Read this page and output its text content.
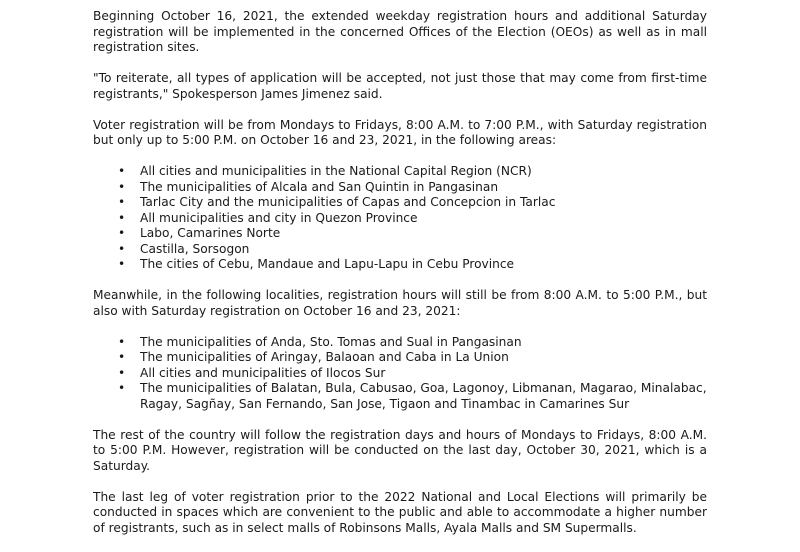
Beginning October 16, 2021, the extended weekday registration hours and additional Saturday registration will be implemented in the concerned Offices of the Election (OEOs) as well as in mall registration sites.

"To reiterate, all types of application will be accepted, not just those that may come from first-time registrants," Spokesperson James Jimenez said.

Voter registration will be from Mondays to Fridays, 8:00 A.M. to 7:00 P.M., with Saturday registration but only up to 5:00 P.M. on October 16 and 23, 2021, in the following areas:

• All cities and municipalities in the National Capital Region (NCR)
• The municipalities of Alcala and San Quintin in Pangasinan
• Tarlac City and the municipalities of Capas and Concepcion in Tarlac
• All municipalities and city in Quezon Province
• Labo, Camarines Norte
• Castilla, Sorsogon
• The cities of Cebu, Mandaue and Lapu-Lapu in Cebu Province

Meanwhile, in the following localities, registration hours will still be from 8:00 A.M. to 5:00 P.M., but also with Saturday registration on October 16 and 23, 2021:

• The municipalities of Anda, Sto. Tomas and Sual in Pangasinan
• The municipalities of Aringay, Balaoan and Caba in La Union
• All cities and municipalities of Ilocos Sur
• The municipalities of Balatan, Bula, Cabusao, Goa, Lagonoy, Libmanan, Magarao, Minalabac, Ragay, Sagñay, San Fernando, San Jose, Tigaon and Tinambac in Camarines Sur

The rest of the country will follow the registration days and hours of Mondays to Fridays, 8:00 A.M. to 5:00 P.M. However, registration will be conducted on the last day, October 30, 2021, which is a Saturday.

The last leg of voter registration prior to the 2022 National and Local Elections will primarily be conducted in spaces which are convenient to the public and able to accommodate a higher number of registrants, such as in select malls of Robinsons Malls, Ayala Malls and SM Supermalls.
